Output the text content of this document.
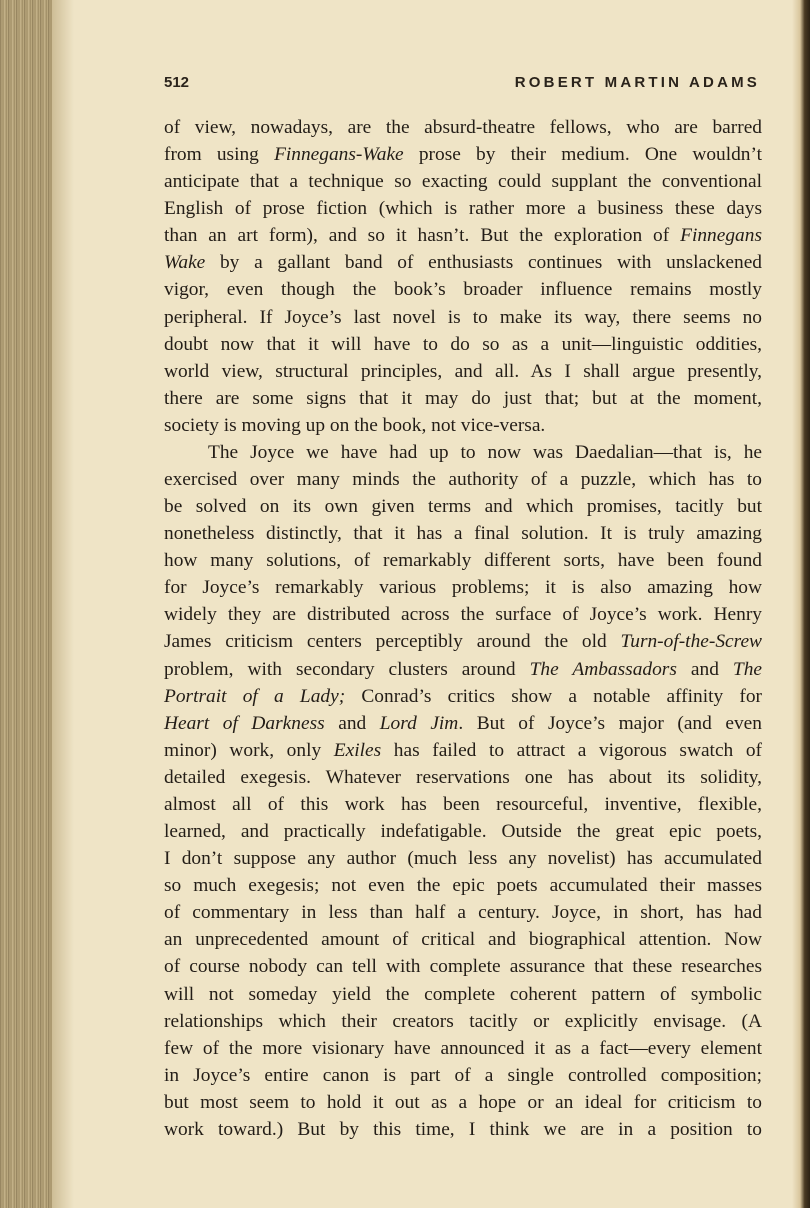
512	ROBERT MARTIN ADAMS
of view, nowadays, are the absurd-theatre fellows, who are barred
from using Finnegans-Wake prose by their medium. One wouldn’t
anticipate that a technique so exacting could supplant the conventional
English of prose fiction (which is rather more a business these days
than an art form), and so it hasn’t. But the exploration of Finnegans
Wake by a gallant band of enthusiasts continues with unslackened
vigor, even though the book’s broader influence remains mostly
peripheral. If Joyce’s last novel is to make its way, there seems no
doubt now that it will have to do so as a unit—linguistic oddities,
world view, structural principles, and all. As I shall argue presently,
there are some signs that it may do just that; but at the moment,
society is moving up on the book, not vice-versa.
The Joyce we have had up to now was Daedalian—that is, he
exercised over many minds the authority of a puzzle, which has to
be solved on its own given terms and which promises, tacitly but
nonetheless distinctly, that it has a final solution. It is truly amazing
how many solutions, of remarkably different sorts, have been found
for Joyce’s remarkably various problems; it is also amazing how
widely they are distributed across the surface of Joyce’s work. Henry
James criticism centers perceptibly around the old Turn-of-the-Screw
problem, with secondary clusters around The Ambassadors and The
Portrait of a Lady; Conrad’s critics show a notable affinity for
Heart of Darkness and Lord Jim. But of Joyce’s major (and even
minor) work, only Exiles has failed to attract a vigorous swatch of
detailed exegesis. Whatever reservations one has about its solidity,
almost all of this work has been resourceful, inventive, flexible,
learned, and practically indefatigable. Outside the great epic poets,
I don’t suppose any author (much less any novelist) has accumulated
so much exegesis; not even the epic poets accumulated their masses
of commentary in less than half a century. Joyce, in short, has had
an unprecedented amount of critical and biographical attention. Now
of course nobody can tell with complete assurance that these researches
will not someday yield the complete coherent pattern of symbolic
relationships which their creators tacitly or explicitly envisage. (A
few of the more visionary have announced it as a fact—every element
in Joyce’s entire canon is part of a single controlled composition;
but most seem to hold it out as a hope or an ideal for criticism to
work toward.) But by this time, I think we are in a position to
